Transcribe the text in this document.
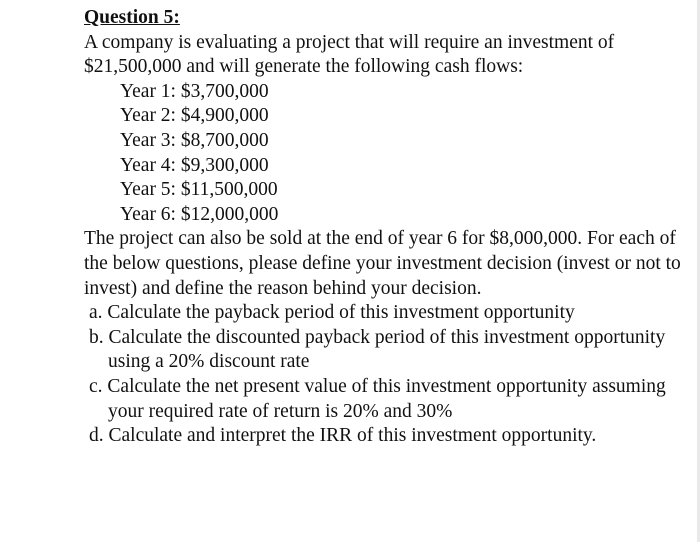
Question 5:

A company is evaluating a project that will require an investment of $21,500,000 and will generate the following cash flows:

Year 1: $3,700,000
Year 2: $4,900,000
Year 3: $8,700,000
Year 4: $9,300,000
Year 5: $11,500,000
Year 6: $12,000,000

The project can also be sold at the end of year 6 for $8,000,000. For each of the below questions, please define your investment decision (invest or not to invest) and define the reason behind your decision.

a. Calculate the payback period of this investment opportunity
b. Calculate the discounted payback period of this investment opportunity using a 20% discount rate
c. Calculate the net present value of this investment opportunity assuming your required rate of return is 20% and 30%
d. Calculate and interpret the IRR of this investment opportunity.
